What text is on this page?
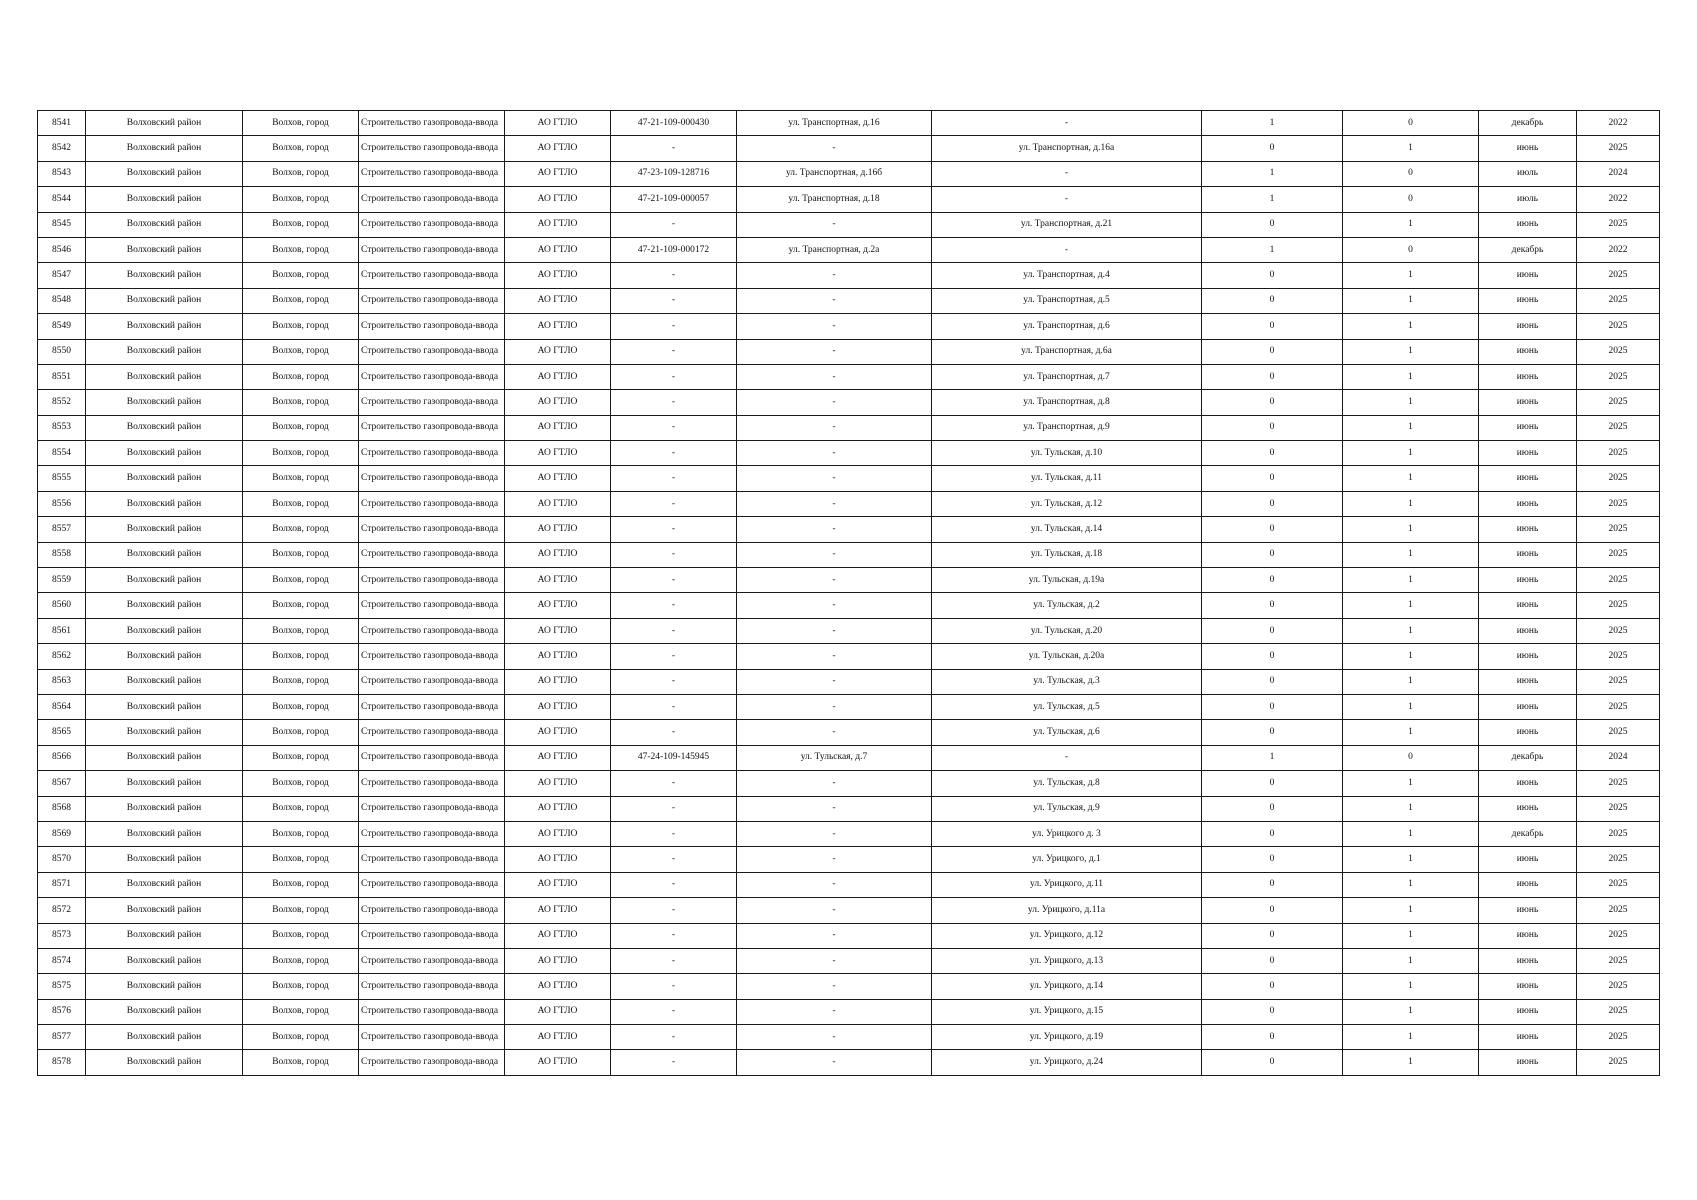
8541	Волховский район	Волхов, город	Строительство газопровода-ввода	АО ГТЛО	47-21-109-000430	ул. Транспортная, д.16	-	1	0	декабрь	2022
8542	Волховский район	Волхов, город	Строительство газопровода-ввода	АО ГТЛО	-	-	ул. Транспортная, д.16а	0	1	июнь	2025
8543	Волховский район	Волхов, город	Строительство газопровода-ввода	АО ГТЛО	47-23-109-128716	ул. Транспортная, д.16б	-	1	0	июль	2024
8544	Волховский район	Волхов, город	Строительство газопровода-ввода	АО ГТЛО	47-21-109-000057	ул. Транспортная, д.18	-	1	0	июль	2022
8545	Волховский район	Волхов, город	Строительство газопровода-ввода	АО ГТЛО	-	-	ул. Транспортная, д.21	0	1	июнь	2025
8546	Волховский район	Волхов, город	Строительство газопровода-ввода	АО ГТЛО	47-21-109-000172	ул. Транспортная, д.2а	-	1	0	декабрь	2022
8547	Волховский район	Волхов, город	Строительство газопровода-ввода	АО ГТЛО	-	-	ул. Транспортная, д.4	0	1	июнь	2025
8548	Волховский район	Волхов, город	Строительство газопровода-ввода	АО ГТЛО	-	-	ул. Транспортная, д.5	0	1	июнь	2025
8549	Волховский район	Волхов, город	Строительство газопровода-ввода	АО ГТЛО	-	-	ул. Транспортная, д.6	0	1	июнь	2025
8550	Волховский район	Волхов, город	Строительство газопровода-ввода	АО ГТЛО	-	-	ул. Транспортная, д.6а	0	1	июнь	2025
8551	Волховский район	Волхов, город	Строительство газопровода-ввода	АО ГТЛО	-	-	ул. Транспортная, д.7	0	1	июнь	2025
8552	Волховский район	Волхов, город	Строительство газопровода-ввода	АО ГТЛО	-	-	ул. Транспортная, д.8	0	1	июнь	2025
8553	Волховский район	Волхов, город	Строительство газопровода-ввода	АО ГТЛО	-	-	ул. Транспортная, д.9	0	1	июнь	2025
8554	Волховский район	Волхов, город	Строительство газопровода-ввода	АО ГТЛО	-	-	ул. Тульская, д.10	0	1	июнь	2025
8555	Волховский район	Волхов, город	Строительство газопровода-ввода	АО ГТЛО	-	-	ул. Тульская, д.11	0	1	июнь	2025
8556	Волховский район	Волхов, город	Строительство газопровода-ввода	АО ГТЛО	-	-	ул. Тульская, д.12	0	1	июнь	2025
8557	Волховский район	Волхов, город	Строительство газопровода-ввода	АО ГТЛО	-	-	ул. Тульская, д.14	0	1	июнь	2025
8558	Волховский район	Волхов, город	Строительство газопровода-ввода	АО ГТЛО	-	-	ул. Тульская, д.18	0	1	июнь	2025
8559	Волховский район	Волхов, город	Строительство газопровода-ввода	АО ГТЛО	-	-	ул. Тульская, д.19а	0	1	июнь	2025
8560	Волховский район	Волхов, город	Строительство газопровода-ввода	АО ГТЛО	-	-	ул. Тульская, д.2	0	1	июнь	2025
8561	Волховский район	Волхов, город	Строительство газопровода-ввода	АО ГТЛО	-	-	ул. Тульская, д.20	0	1	июнь	2025
8562	Волховский район	Волхов, город	Строительство газопровода-ввода	АО ГТЛО	-	-	ул. Тульская, д.20а	0	1	июнь	2025
8563	Волховский район	Волхов, город	Строительство газопровода-ввода	АО ГТЛО	-	-	ул. Тульская, д.3	0	1	июнь	2025
8564	Волховский район	Волхов, город	Строительство газопровода-ввода	АО ГТЛО	-	-	ул. Тульская, д.5	0	1	июнь	2025
8565	Волховский район	Волхов, город	Строительство газопровода-ввода	АО ГТЛО	-	-	ул. Тульская, д.6	0	1	июнь	2025
8566	Волховский район	Волхов, город	Строительство газопровода-ввода	АО ГТЛО	47-24-109-145945	ул. Тульская, д.7	-	1	0	декабрь	2024
8567	Волховский район	Волхов, город	Строительство газопровода-ввода	АО ГТЛО	-	-	ул. Тульская, д.8	0	1	июнь	2025
8568	Волховский район	Волхов, город	Строительство газопровода-ввода	АО ГТЛО	-	-	ул. Тульская, д.9	0	1	июнь	2025
8569	Волховский район	Волхов, город	Строительство газопровода-ввода	АО ГТЛО	-	-	ул. Урицкого д. 3	0	1	декабрь	2025
8570	Волховский район	Волхов, город	Строительство газопровода-ввода	АО ГТЛО	-	-	ул. Урицкого, д.1	0	1	июнь	2025
8571	Волховский район	Волхов, город	Строительство газопровода-ввода	АО ГТЛО	-	-	ул. Урицкого, д.11	0	1	июнь	2025
8572	Волховский район	Волхов, город	Строительство газопровода-ввода	АО ГТЛО	-	-	ул. Урицкого, д.11а	0	1	июнь	2025
8573	Волховский район	Волхов, город	Строительство газопровода-ввода	АО ГТЛО	-	-	ул. Урицкого, д.12	0	1	июнь	2025
8574	Волховский район	Волхов, город	Строительство газопровода-ввода	АО ГТЛО	-	-	ул. Урицкого, д.13	0	1	июнь	2025
8575	Волховский район	Волхов, город	Строительство газопровода-ввода	АО ГТЛО	-	-	ул. Урицкого, д.14	0	1	июнь	2025
8576	Волховский район	Волхов, город	Строительство газопровода-ввода	АО ГТЛО	-	-	ул. Урицкого, д.15	0	1	июнь	2025
8577	Волховский район	Волхов, город	Строительство газопровода-ввода	АО ГТЛО	-	-	ул. Урицкого, д.19	0	1	июнь	2025
8578	Волховский район	Волхов, город	Строительство газопровода-ввода	АО ГТЛО	-	-	ул. Урицкого, д.24	0	1	июнь	2025
